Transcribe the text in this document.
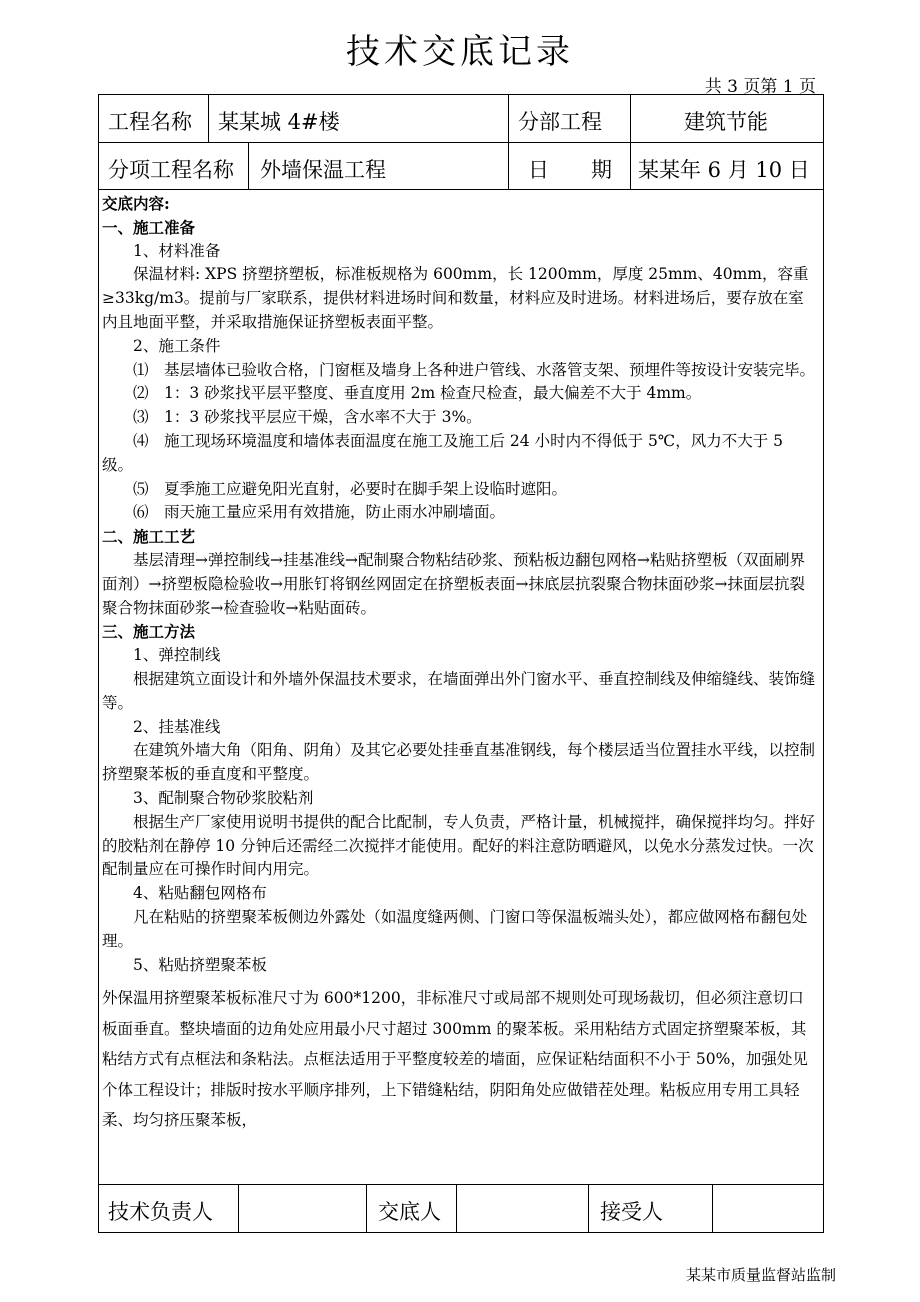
技术交底记录
共 3 页第 1 页
工程名称 某某城 4#楼	分部工程	建筑节能
分项工程名称 外墙保温工程	日　　期 某某年 6 月 10 日

交底内容:

一、施工准备

1、材料准备

保温材料: XPS 挤塑挤塑板，标准板规格为 600mm，长 1200mm，厚度 25mm、40mm，容重≥33kg/m3。提前与厂家联系，提供材料进场时间和数量，材料应及时进场。材料进场后，要存放在室内且地面平整，并采取措施保证挤塑板表面平整。

2、施工条件

⑴　基层墙体已验收合格，门窗框及墙身上各种进户管线、水落管支架、预埋件等按设计安装完毕。

⑵　1：3 砂浆找平层平整度、垂直度用 2m 检查尺检查，最大偏差不大于 4mm。

⑶　1：3 砂浆找平层应干燥，含水率不大于 3%。

⑷　施工现场环境温度和墙体表面温度在施工及施工后 24 小时内不得低于 5℃，风力不大于 5 级。

⑸　夏季施工应避免阳光直射，必要时在脚手架上设临时遮阳。

⑹　雨天施工量应采用有效措施，防止雨水冲刷墙面。

二、施工工艺

基层清理→弹控制线→挂基准线→配制聚合物粘结砂浆、预粘板边翻包网格→粘贴挤塑板（双面刷界面剂）→挤塑板隐检验收→用胀钉将钢丝网固定在挤塑板表面→抹底层抗裂聚合物抹面砂浆→抹面层抗裂聚合物抹面砂浆→检查验收→粘贴面砖。

三、施工方法

1、弹控制线

根据建筑立面设计和外墙外保温技术要求，在墙面弹出外门窗水平、垂直控制线及伸缩缝线、装饰缝等。

2、挂基准线

在建筑外墙大角（阳角、阴角）及其它必要处挂垂直基准钢线，每个楼层适当位置挂水平线，以控制挤塑聚苯板的垂直度和平整度。

3、配制聚合物砂浆胶粘剂

根据生产厂家使用说明书提供的配合比配制，专人负责，严格计量，机械搅拌，确保搅拌均匀。拌好的胶粘剂在静停 10 分钟后还需经二次搅拌才能使用。配好的料注意防晒避风，以免水分蒸发过快。一次配制量应在可操作时间内用完。

4、粘贴翻包网格布

凡在粘贴的挤塑聚苯板侧边外露处（如温度缝两侧、门窗口等保温板端头处），都应做网格布翻包处理。

5、粘贴挤塑聚苯板

外保温用挤塑聚苯板标准尺寸为 600*1200，非标准尺寸或局部不规则处可现场裁切，但必须注意切口板面垂直。整块墙面的边角处应用最小尺寸超过 300mm 的聚苯板。采用粘结方式固定挤塑聚苯板，其粘结方式有点框法和条粘法。点框法适用于平整度较差的墙面，应保证粘结面积不小于 50%，加强处见个体工程设计；排版时按水平顺序排列，上下错缝粘结，阴阳角处应做错茬处理。粘板应用专用工具轻柔、均匀挤压聚苯板，

技术负责人	交底人	接受人
某某市质量监督站监制
